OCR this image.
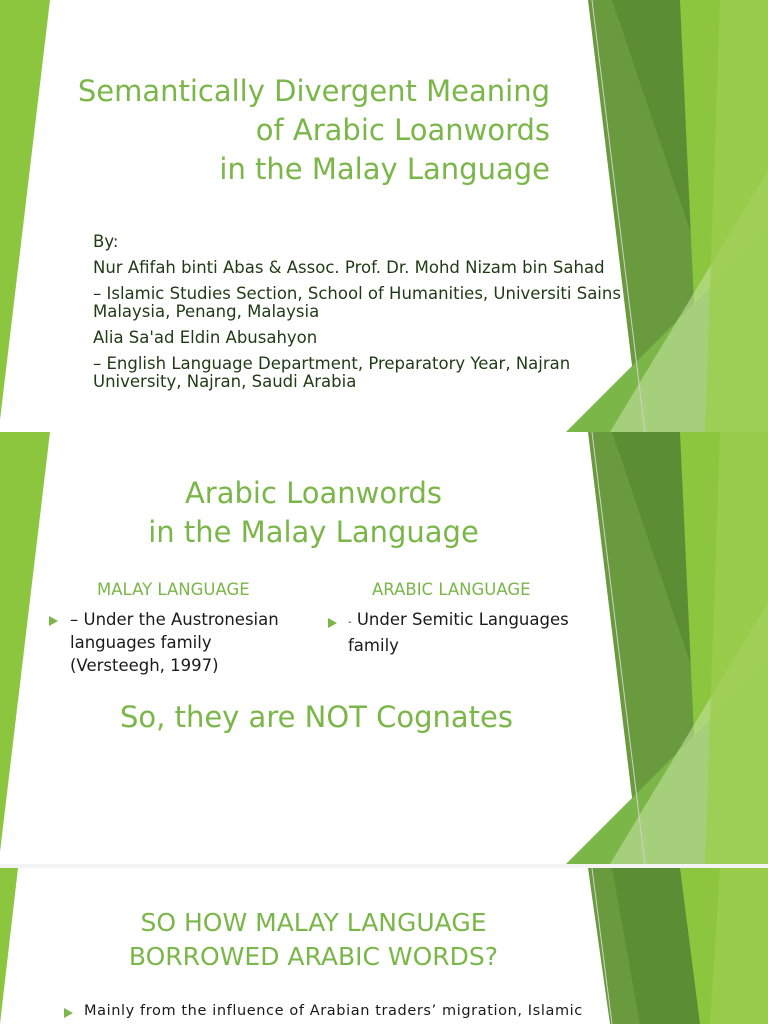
Semantically Divergent Meaning
of Arabic Loanwords
in the Malay Language
By:
Nur Afifah binti Abas & Assoc. Prof. Dr. Mohd Nizam bin Sahad
– Islamic Studies Section, School of Humanities, Universiti Sains Malaysia, Penang, Malaysia
Alia Sa'ad Eldin Abusahyon
– English Language Department, Preparatory Year, Najran University, Najran, Saudi Arabia
Arabic Loanwords
in the Malay Language
MALAY LANGUAGE	ARABIC LANGUAGE
– Under the Austronesian
languages family
(Versteegh, 1997)
- Under Semitic Languages
family
So, they are NOT Cognates
SO HOW MALAY LANGUAGE
BORROWED ARABIC WORDS?
Mainly from the influence of Arabian traders’ migration, Islamic
